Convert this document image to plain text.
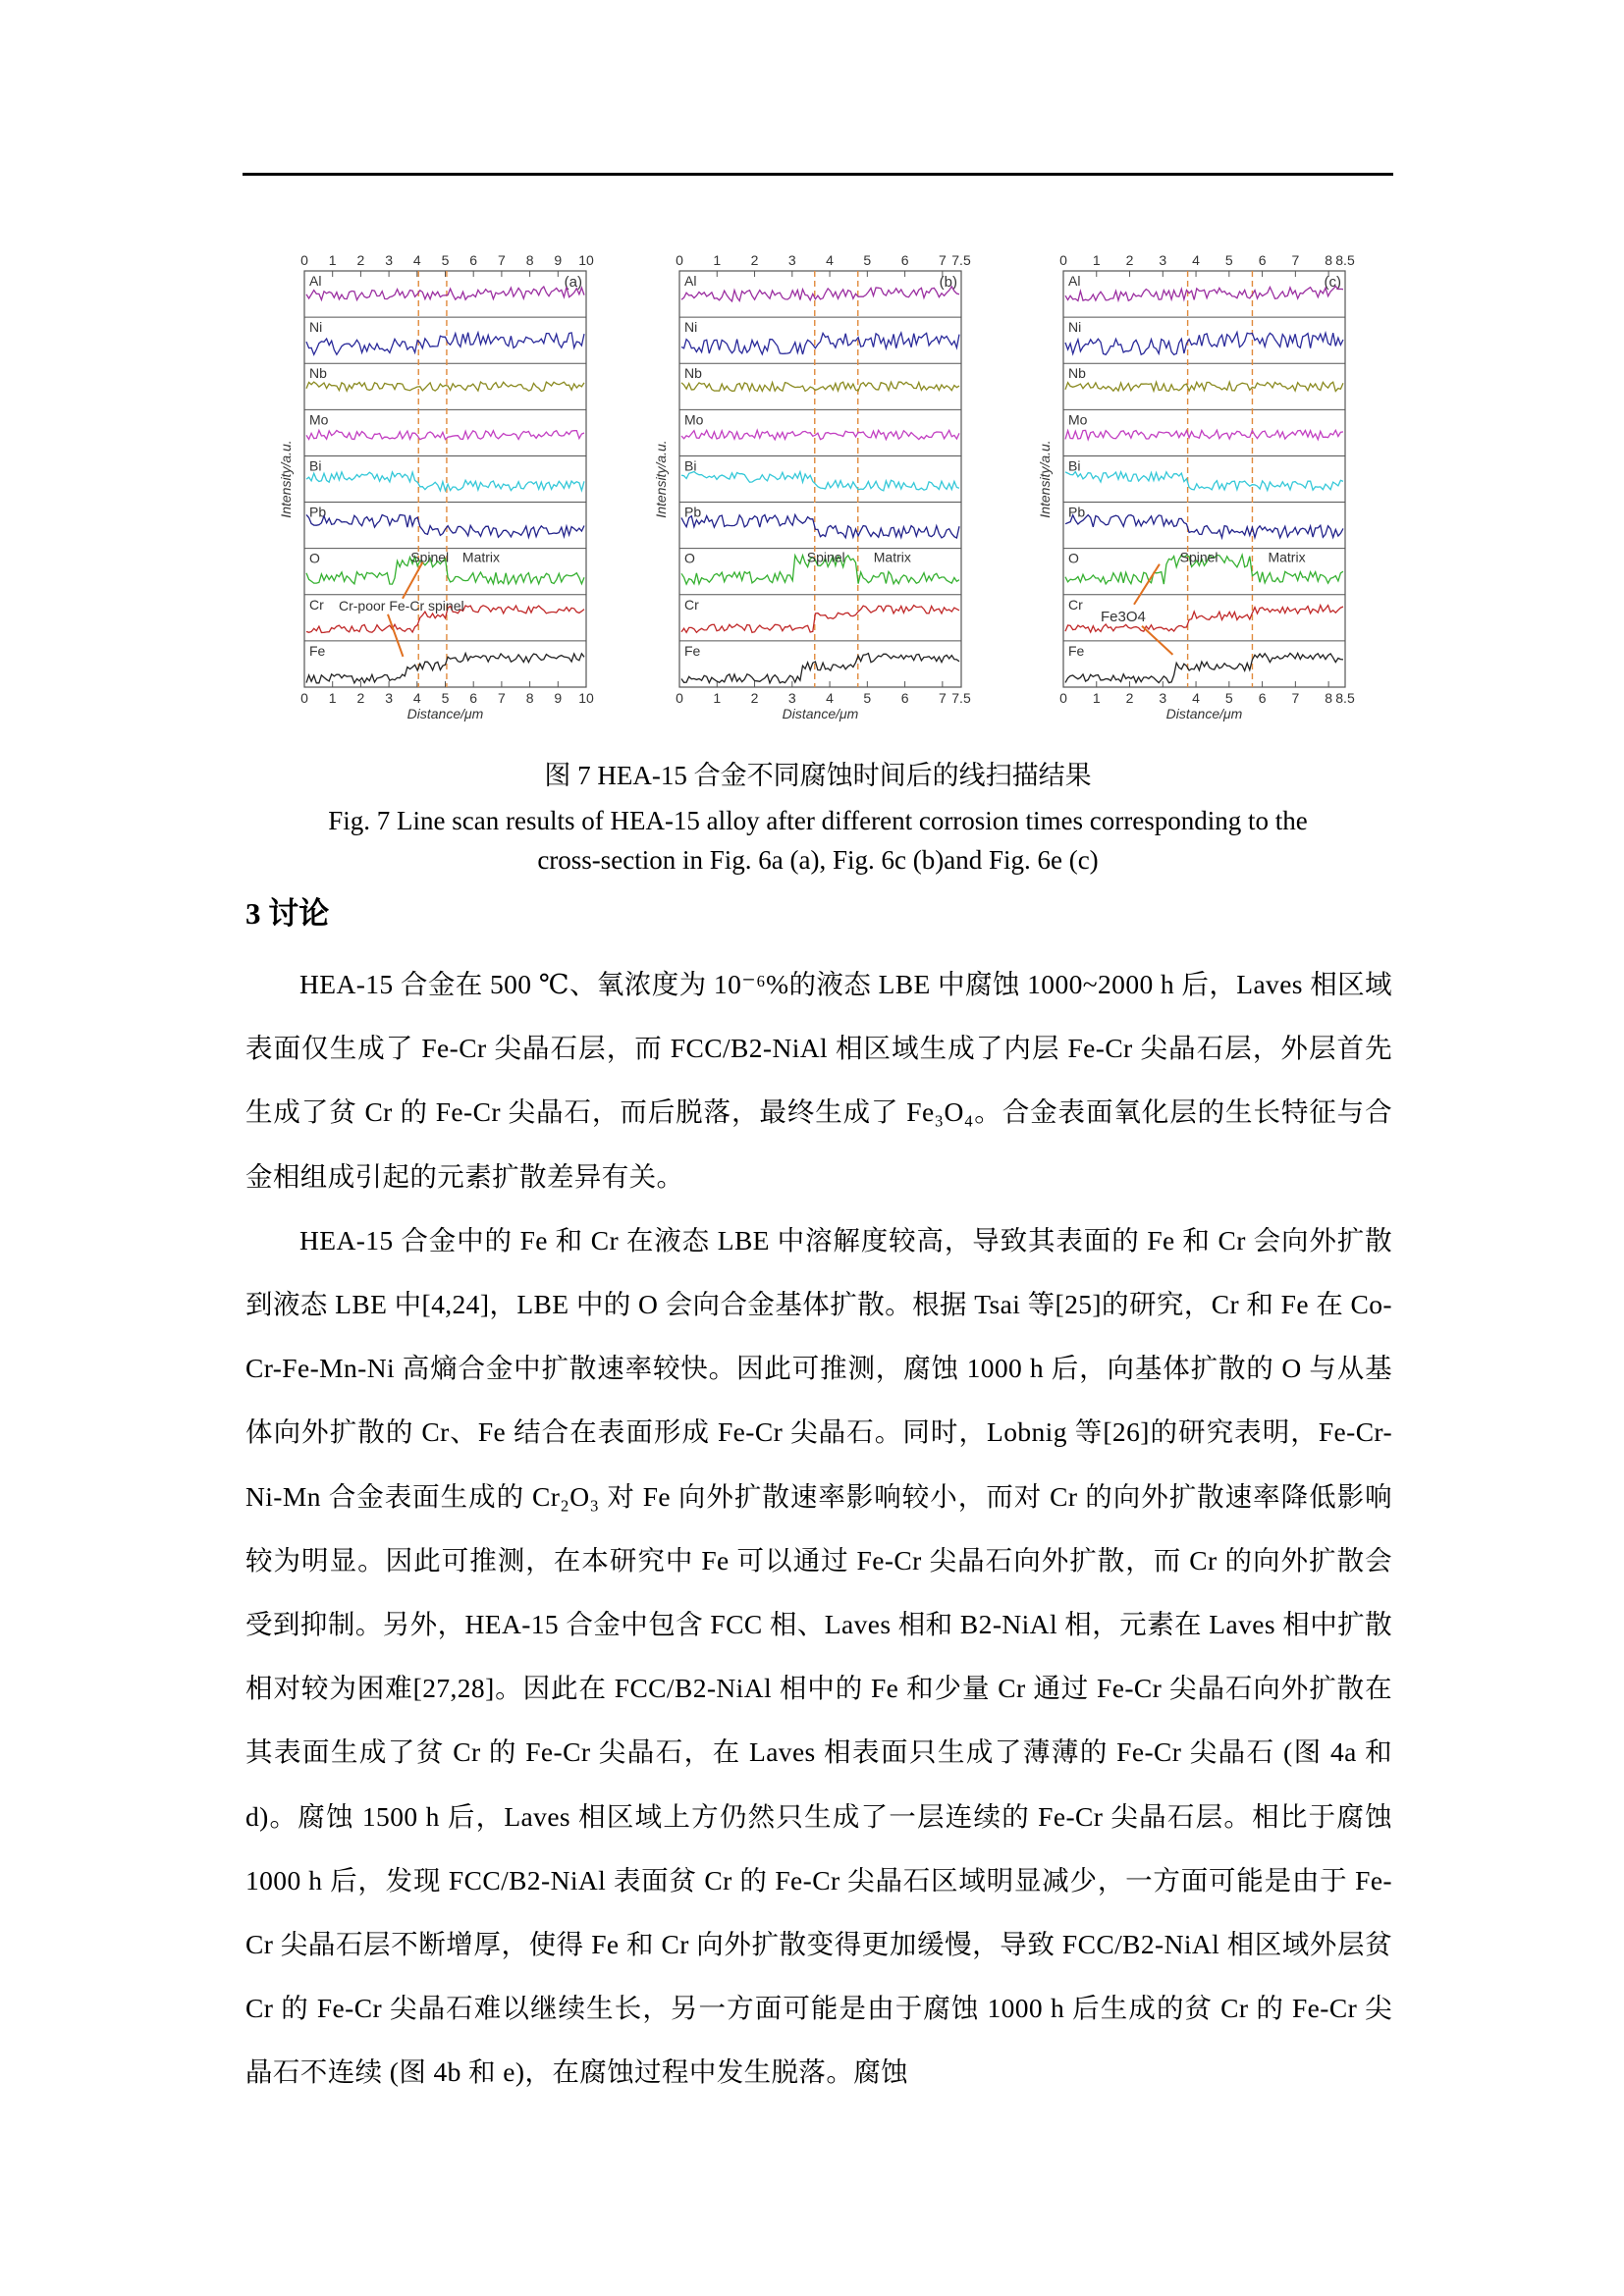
0
0
1
1
2
2
3
3
4
4
5
5
6
6
7
7
8
8
9
9
10
10
(a)
Distance/μm
Intensity/a.u.
Al
Ni
Nb
Mo
Bi
Pb
O
Cr
Fe
Spinel Matrix
Cr-poor Fe-Cr spinel
0
0
1
1
2
2
3
3
4
4
5
5
6
6
7
7
7.5
7.5
(b)
Distance/μm
Intensity/a.u.
Al
Ni
Nb
Mo
Bi
Pb
O
Cr
Fe
Spinel Matrix
0
0
1
1
2
2
3
3
4
4
5
5
6
6
7
7
8
8
8.5
8.5
(c)
Distance/μm
Intensity/a.u.
Al
Ni
Nb
Mo
Bi
Pb
O
Cr
Fe
Spinel	Matrix
Fe3O4
图 7 HEA-15 合金不同腐蚀时间后的线扫描结果
Fig. 7 Line scan results of HEA-15 alloy after different corrosion times corresponding to the
cross-section in Fig. 6a (a), Fig. 6c (b)and Fig. 6e (c)
3 讨论

HEA-15 合金在 500 ℃、氧浓度为 10⁻⁶%的液态 LBE 中腐蚀 1000~2000 h 后，Laves 相区域表面仅生成了 Fe-Cr 尖晶石层，而 FCC/B2-NiAl 相区域生成了内层 Fe-Cr 尖晶石层，外层首先生成了贫 Cr 的 Fe-Cr 尖晶石，而后脱落，最终生成了 Fe₃O₄。合金表面氧化层的生长特征与合金相组成引起的元素扩散差异有关。

HEA-15 合金中的 Fe 和 Cr 在液态 LBE 中溶解度较高，导致其表面的 Fe 和 Cr 会向外扩散到液态 LBE 中[4,24]，LBE 中的 O 会向合金基体扩散。根据 Tsai 等[25]的研究，Cr 和 Fe 在 Co-Cr-Fe-Mn-Ni 高熵合金中扩散速率较快。因此可推测，腐蚀 1000 h 后，向基体扩散的 O 与从基体向外扩散的 Cr、Fe 结合在表面形成 Fe-Cr 尖晶石。同时，Lobnig 等[26]的研究表明，Fe-Cr-Ni-Mn 合金表面生成的 Cr₂O₃ 对 Fe 向外扩散速率影响较小，而对 Cr 的向外扩散速率降低影响较为明显。因此可推测，在本研究中 Fe 可以通过 Fe-Cr 尖晶石向外扩散，而 Cr 的向外扩散会受到抑制。另外，HEA-15 合金中包含 FCC 相、Laves 相和 B2-NiAl 相，元素在 Laves 相中扩散相对较为困难[27,28]。因此在 FCC/B2-NiAl 相中的 Fe 和少量 Cr 通过 Fe-Cr 尖晶石向外扩散在其表面生成了贫 Cr 的 Fe-Cr 尖晶石，在 Laves 相表面只生成了薄薄的 Fe-Cr 尖晶石 (图 4a 和 d)。腐蚀 1500 h 后，Laves 相区域上方仍然只生成了一层连续的 Fe-Cr 尖晶石层。相比于腐蚀 1000 h 后，发现 FCC/B2-NiAl 表面贫 Cr 的 Fe-Cr 尖晶石区域明显减少，一方面可能是由于 Fe-Cr 尖晶石层不断增厚，使得 Fe 和 Cr 向外扩散变得更加缓慢，导致 FCC/B2-NiAl 相区域外层贫 Cr 的 Fe-Cr 尖晶石难以继续生长，另一方面可能是由于腐蚀 1000 h 后生成的贫 Cr 的 Fe-Cr 尖晶石不连续 (图 4b 和 e)，在腐蚀过程中发生脱落。腐蚀
